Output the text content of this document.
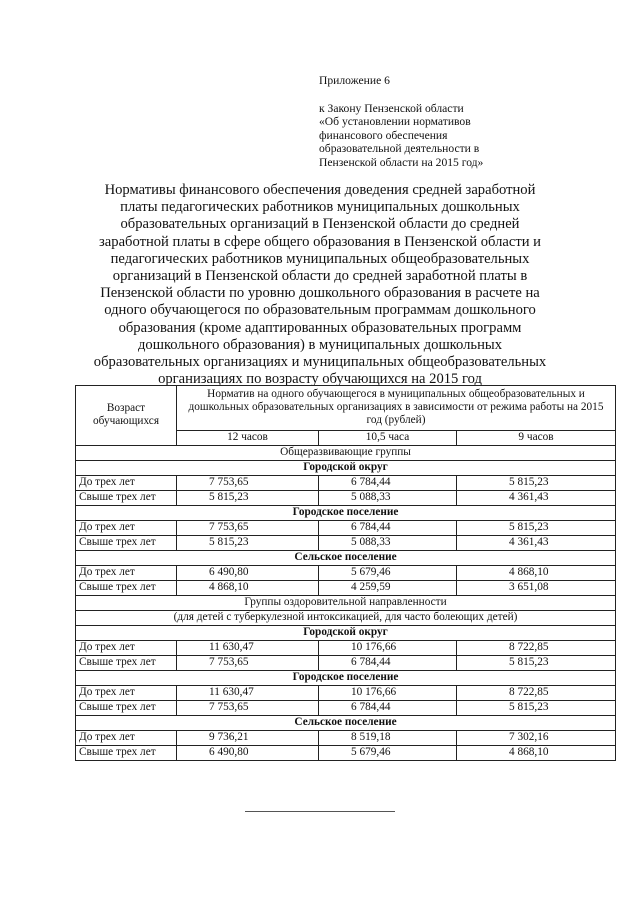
Приложение 6
к Закону Пензенской области
«Об установлении нормативов
финансового обеспечения
образовательной деятельности в
Пензенской области на 2015 год»
Нормативы финансового обеспечения доведения средней заработной
платы педагогических работников муниципальных дошкольных
образовательных организаций в Пензенской области до средней
заработной платы в сфере общего образования в Пензенской области и
педагогических работников муниципальных общеобразовательных
организаций в Пензенской области до средней заработной платы в
Пензенской области по уровню дошкольного образования в расчете на
одного обучающегося по образовательным программам дошкольного
образования (кроме адаптированных образовательных программ
дошкольного образования) в муниципальных дошкольных
образовательных организациях и муниципальных общеобразовательных
организациях по возрасту обучающихся на 2015 год
Возраст обучающихся	Норматив на одного обучающегося в муниципальных общеобразовательных и дошкольных образовательных организациях в зависимости от режима работы на 2015 год (рублей)		
	12 часов	10,5 часа	9 часов
Общеразвивающие группы			
Городской округ			
До трех лет	7 753,65	6 784,44	5 815,23
Свыше трех лет	5 815,23	5 088,33	4 361,43
Городское поселение			
До трех лет	7 753,65	6 784,44	5 815,23
Свыше трех лет	5 815,23	5 088,33	4 361,43
Сельское поселение			
До трех лет	6 490,80	5 679,46	4 868,10
Свыше трех лет	4 868,10	4 259,59	3 651,08
Группы оздоровительной направленности			
(для детей с туберкулезной интоксикацией, для часто болеющих детей)			
Городской округ			
До трех лет	11 630,47	10 176,66	8 722,85
Свыше трех лет	7 753,65	6 784,44	5 815,23
Городское поселение			
До трех лет	11 630,47	10 176,66	8 722,85
Свыше трех лет	7 753,65	6 784,44	5 815,23
Сельское поселение			
До трех лет	9 736,21	8 519,18	7 302,16
Свыше трех лет	6 490,80	5 679,46	4 868,10
